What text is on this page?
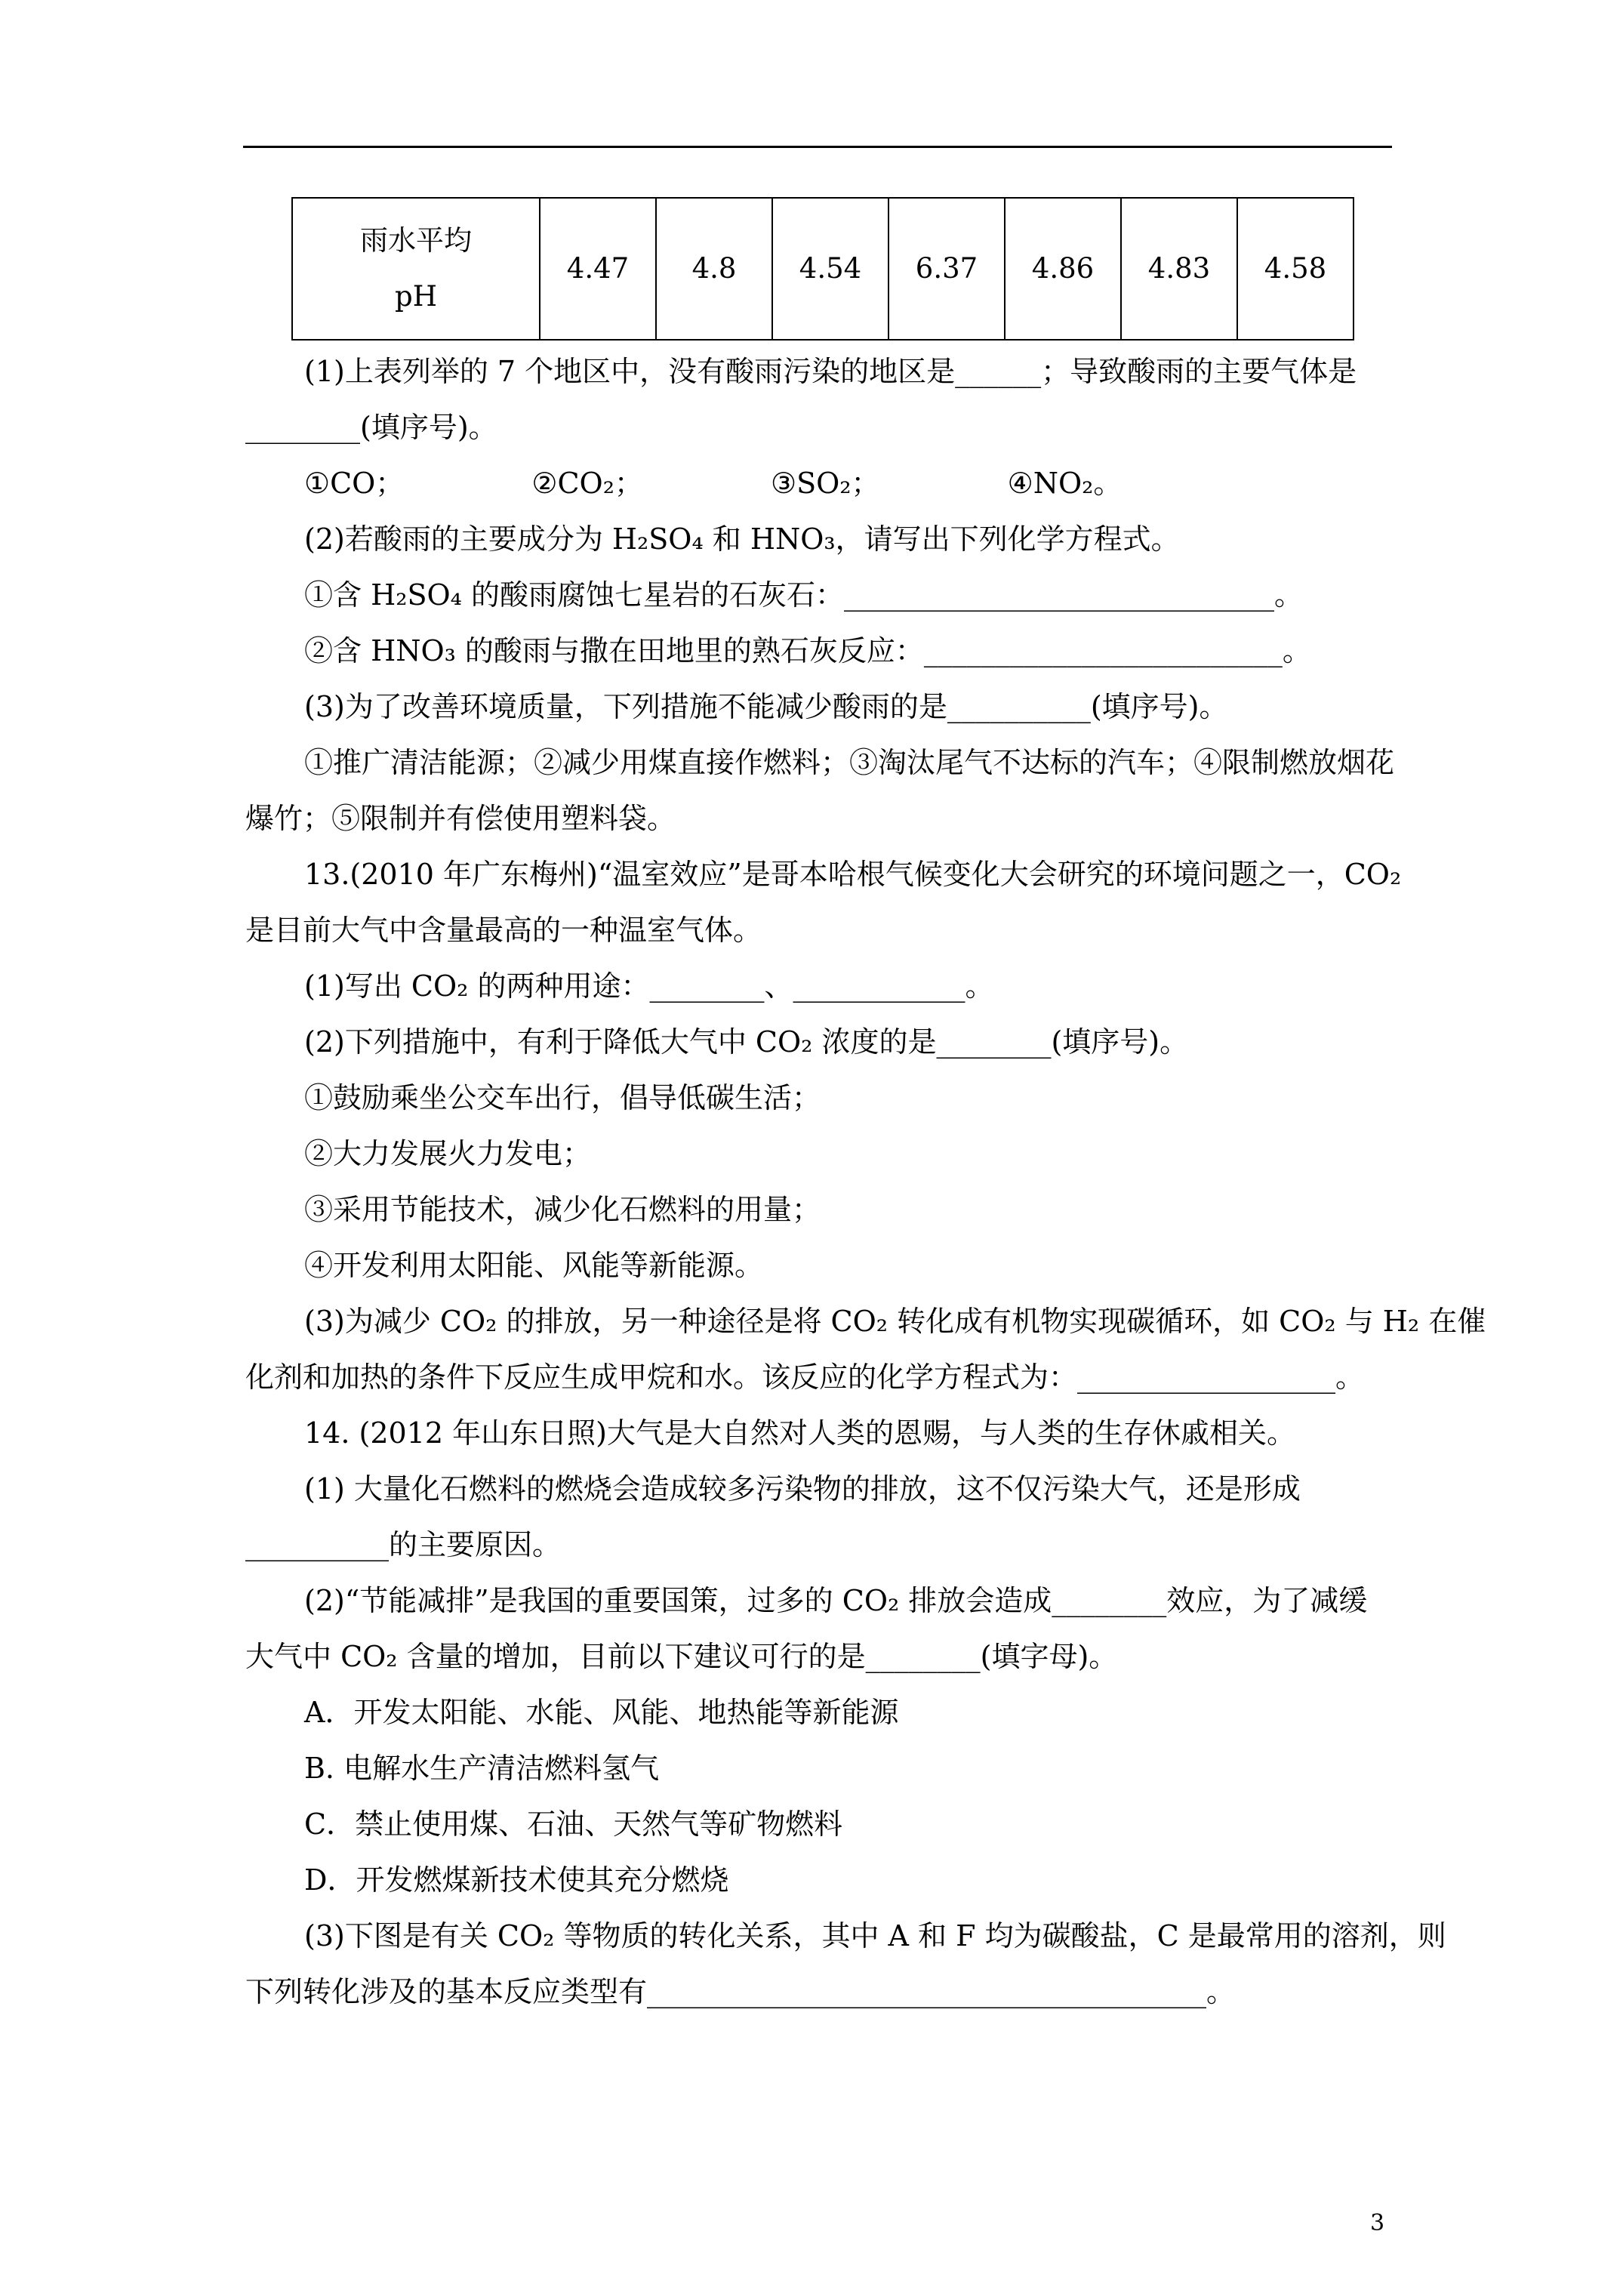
雨水平均
pH
	4.47	4.8	4.54	6.37	4.86	4.83	4.58
(1)上表列举的 7 个地区中，没有酸雨污染的地区是______；导致酸雨的主要气体是
________(填序号)。
①CO；              ②CO₂；              ③SO₂；              ④NO₂。
(2)若酸雨的主要成分为 H₂SO₄ 和 HNO₃，请写出下列化学方程式。
①含 H₂SO₄ 的酸雨腐蚀七星岩的石灰石：______________________________。
②含 HNO₃ 的酸雨与撒在田地里的熟石灰反应：_________________________。
(3)为了改善环境质量，下列措施不能减少酸雨的是__________(填序号)。
①推广清洁能源；②减少用煤直接作燃料；③淘汰尾气不达标的汽车；④限制燃放烟花
爆竹；⑤限制并有偿使用塑料袋。
13.(2010 年广东梅州)“温室效应”是哥本哈根气候变化大会研究的环境问题之一，CO₂
是目前大气中含量最高的一种温室气体。
(1)写出 CO₂ 的两种用途：________、____________。
(2)下列措施中，有利于降低大气中 CO₂ 浓度的是________(填序号)。
①鼓励乘坐公交车出行，倡导低碳生活；
②大力发展火力发电；
③采用节能技术，减少化石燃料的用量；
④开发利用太阳能、风能等新能源。
(3)为减少 CO₂ 的排放，另一种途径是将 CO₂ 转化成有机物实现碳循环，如 CO₂ 与 H₂ 在催
化剂和加热的条件下反应生成甲烷和水。该反应的化学方程式为：__________________。
14. (2012 年山东日照)大气是大自然对人类的恩赐，与人类的生存休戚相关。
(1) 大量化石燃料的燃烧会造成较多污染物的排放，这不仅污染大气，还是形成
__________的主要原因。
(2)“节能减排”是我国的重要国策，过多的 CO₂ 排放会造成________效应，为了减缓
大气中 CO₂ 含量的增加，目前以下建议可行的是________(填字母)。
A．开发太阳能、水能、风能、地热能等新能源
B. 电解水生产清洁燃料氢气
C．禁止使用煤、石油、天然气等矿物燃料
D．开发燃煤新技术使其充分燃烧
(3)下图是有关 CO₂ 等物质的转化关系，其中 A 和 F 均为碳酸盐，C 是最常用的溶剂，则
下列转化涉及的基本反应类型有_______________________________________。
3
